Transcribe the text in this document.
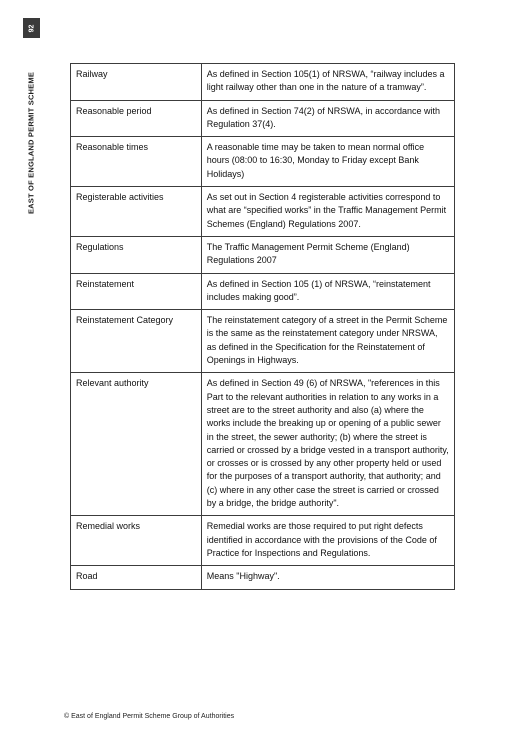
92
EAST OF ENGLAND PERMIT SCHEME	Railway	As defined in Section 105(1) of NRSWA, “railway includes a light railway other than one in the nature of a tramway”.
Reasonable period	As defined in Section 74(2) of NRSWA, in accordance with Regulation 37(4).
Reasonable times	A reasonable time may be taken to mean normal office hours (08:00 to 16:30, Monday to Friday except Bank Holidays)
Registerable activities	As set out in Section 4 registerable activities correspond to what are “specified works” in the Traffic Management Permit Schemes (England) Regulations 2007.
Regulations	The Traffic Management Permit Scheme (England) Regulations 2007
Reinstatement	As defined in Section 105 (1) of NRSWA, “reinstatement includes making good”.
Reinstatement Category	The reinstatement category of a street in the Permit Scheme is the same as the reinstatement category under NRSWA, as defined in the Specification for the Reinstatement of Openings in Highways.
Relevant authority	As defined in Section 49 (6) of NRSWA, "references in this Part to the relevant authorities in relation to any works in a street are to the street authority and also (a) where the works include the breaking up or opening of a public sewer in the street, the sewer authority; (b) where the street is carried or crossed by a bridge vested in a transport authority, or crosses or is crossed by any other property held or used for the purposes of a transport authority, that authority; and (c) where in any other case the street is carried or crossed by a bridge, the bridge authority".
Remedial works	Remedial works are those required to put right defects identified in accordance with the provisions of the Code of Practice for Inspections and Regulations.
Road	Means "Highway".
© East of England Permit Scheme Group of Authorities
